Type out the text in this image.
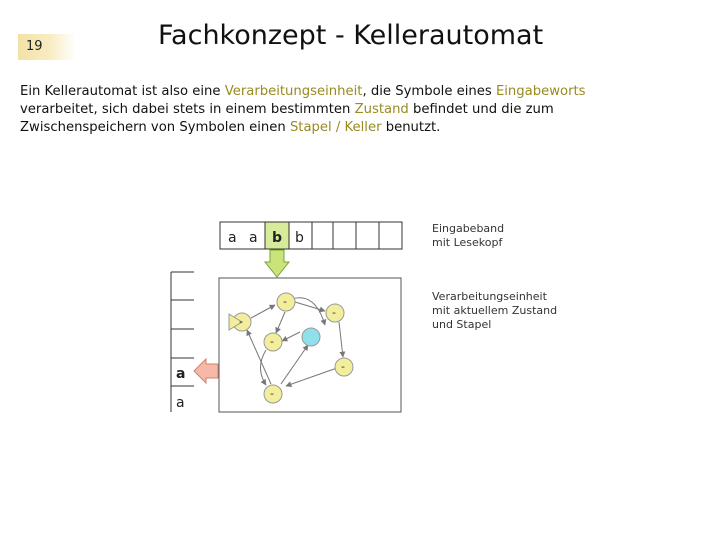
19	Fachkonzept - Kellerautomat
Ein Kellerautomat ist also eine Verarbeitungseinheit, die Symbole eines Eingabeworts verarbeitet, sich dabei stets in einem bestimmten Zustand befindet und die zum Zwischenspeichern von Symbolen einen Stapel / Keller benutzt.
a a b b
a
a
-
-
-
-
-
-
Eingabeband
mit Lesekopf
Verarbeitungseinheit
mit aktuellem Zustand
und Stapel
